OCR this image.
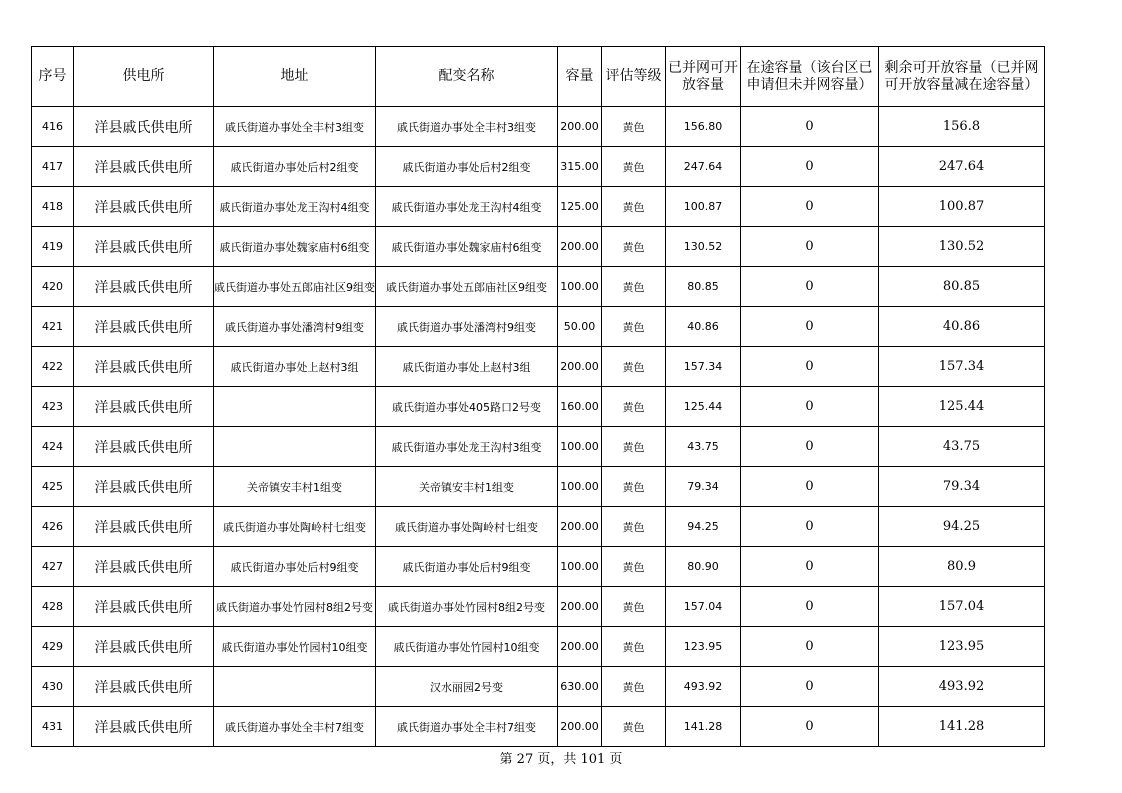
序号	供电所	地址	配变名称	容量	评估等级	已并网可开放容量	在途容量（该台区已申请但未并网容量）	剩余可开放容量（已并网可开放容量减在途容量）
416	洋县戚氏供电所	戚氏街道办事处全丰村3组变	戚氏街道办事处全丰村3组变	200.00	黄色	156.80	0	156.8
417	洋县戚氏供电所	戚氏街道办事处后村2组变	戚氏街道办事处后村2组变	315.00	黄色	247.64	0	247.64
418	洋县戚氏供电所	戚氏街道办事处龙王沟村4组变	戚氏街道办事处龙王沟村4组变	125.00	黄色	100.87	0	100.87
419	洋县戚氏供电所	戚氏街道办事处魏家庙村6组变	戚氏街道办事处魏家庙村6组变	200.00	黄色	130.52	0	130.52
420	洋县戚氏供电所	戚氏街道办事处五郎庙社区9组变	戚氏街道办事处五郎庙社区9组变	100.00	黄色	80.85	0	80.85
421	洋县戚氏供电所	戚氏街道办事处潘湾村9组变	戚氏街道办事处潘湾村9组变	50.00	黄色	40.86	0	40.86
422	洋县戚氏供电所	戚氏街道办事处上赵村3组	戚氏街道办事处上赵村3组	200.00	黄色	157.34	0	157.34
423	洋县戚氏供电所		戚氏街道办事处405路口2号变	160.00	黄色	125.44	0	125.44
424	洋县戚氏供电所		戚氏街道办事处龙王沟村3组变	100.00	黄色	43.75	0	43.75
425	洋县戚氏供电所	关帝镇安丰村1组变	关帝镇安丰村1组变	100.00	黄色	79.34	0	79.34
426	洋县戚氏供电所	戚氏街道办事处陶岭村七组变	戚氏街道办事处陶岭村七组变	200.00	黄色	94.25	0	94.25
427	洋县戚氏供电所	戚氏街道办事处后村9组变	戚氏街道办事处后村9组变	100.00	黄色	80.90	0	80.9
428	洋县戚氏供电所	戚氏街道办事处竹园村8组2号变	戚氏街道办事处竹园村8组2号变	200.00	黄色	157.04	0	157.04
429	洋县戚氏供电所	戚氏街道办事处竹园村10组变	戚氏街道办事处竹园村10组变	200.00	黄色	123.95	0	123.95
430	洋县戚氏供电所		汉水丽园2号变	630.00	黄色	493.92	0	493.92
431	洋县戚氏供电所	戚氏街道办事处全丰村7组变	戚氏街道办事处全丰村7组变	200.00	黄色	141.28	0	141.28
第 27 页，共 101 页
